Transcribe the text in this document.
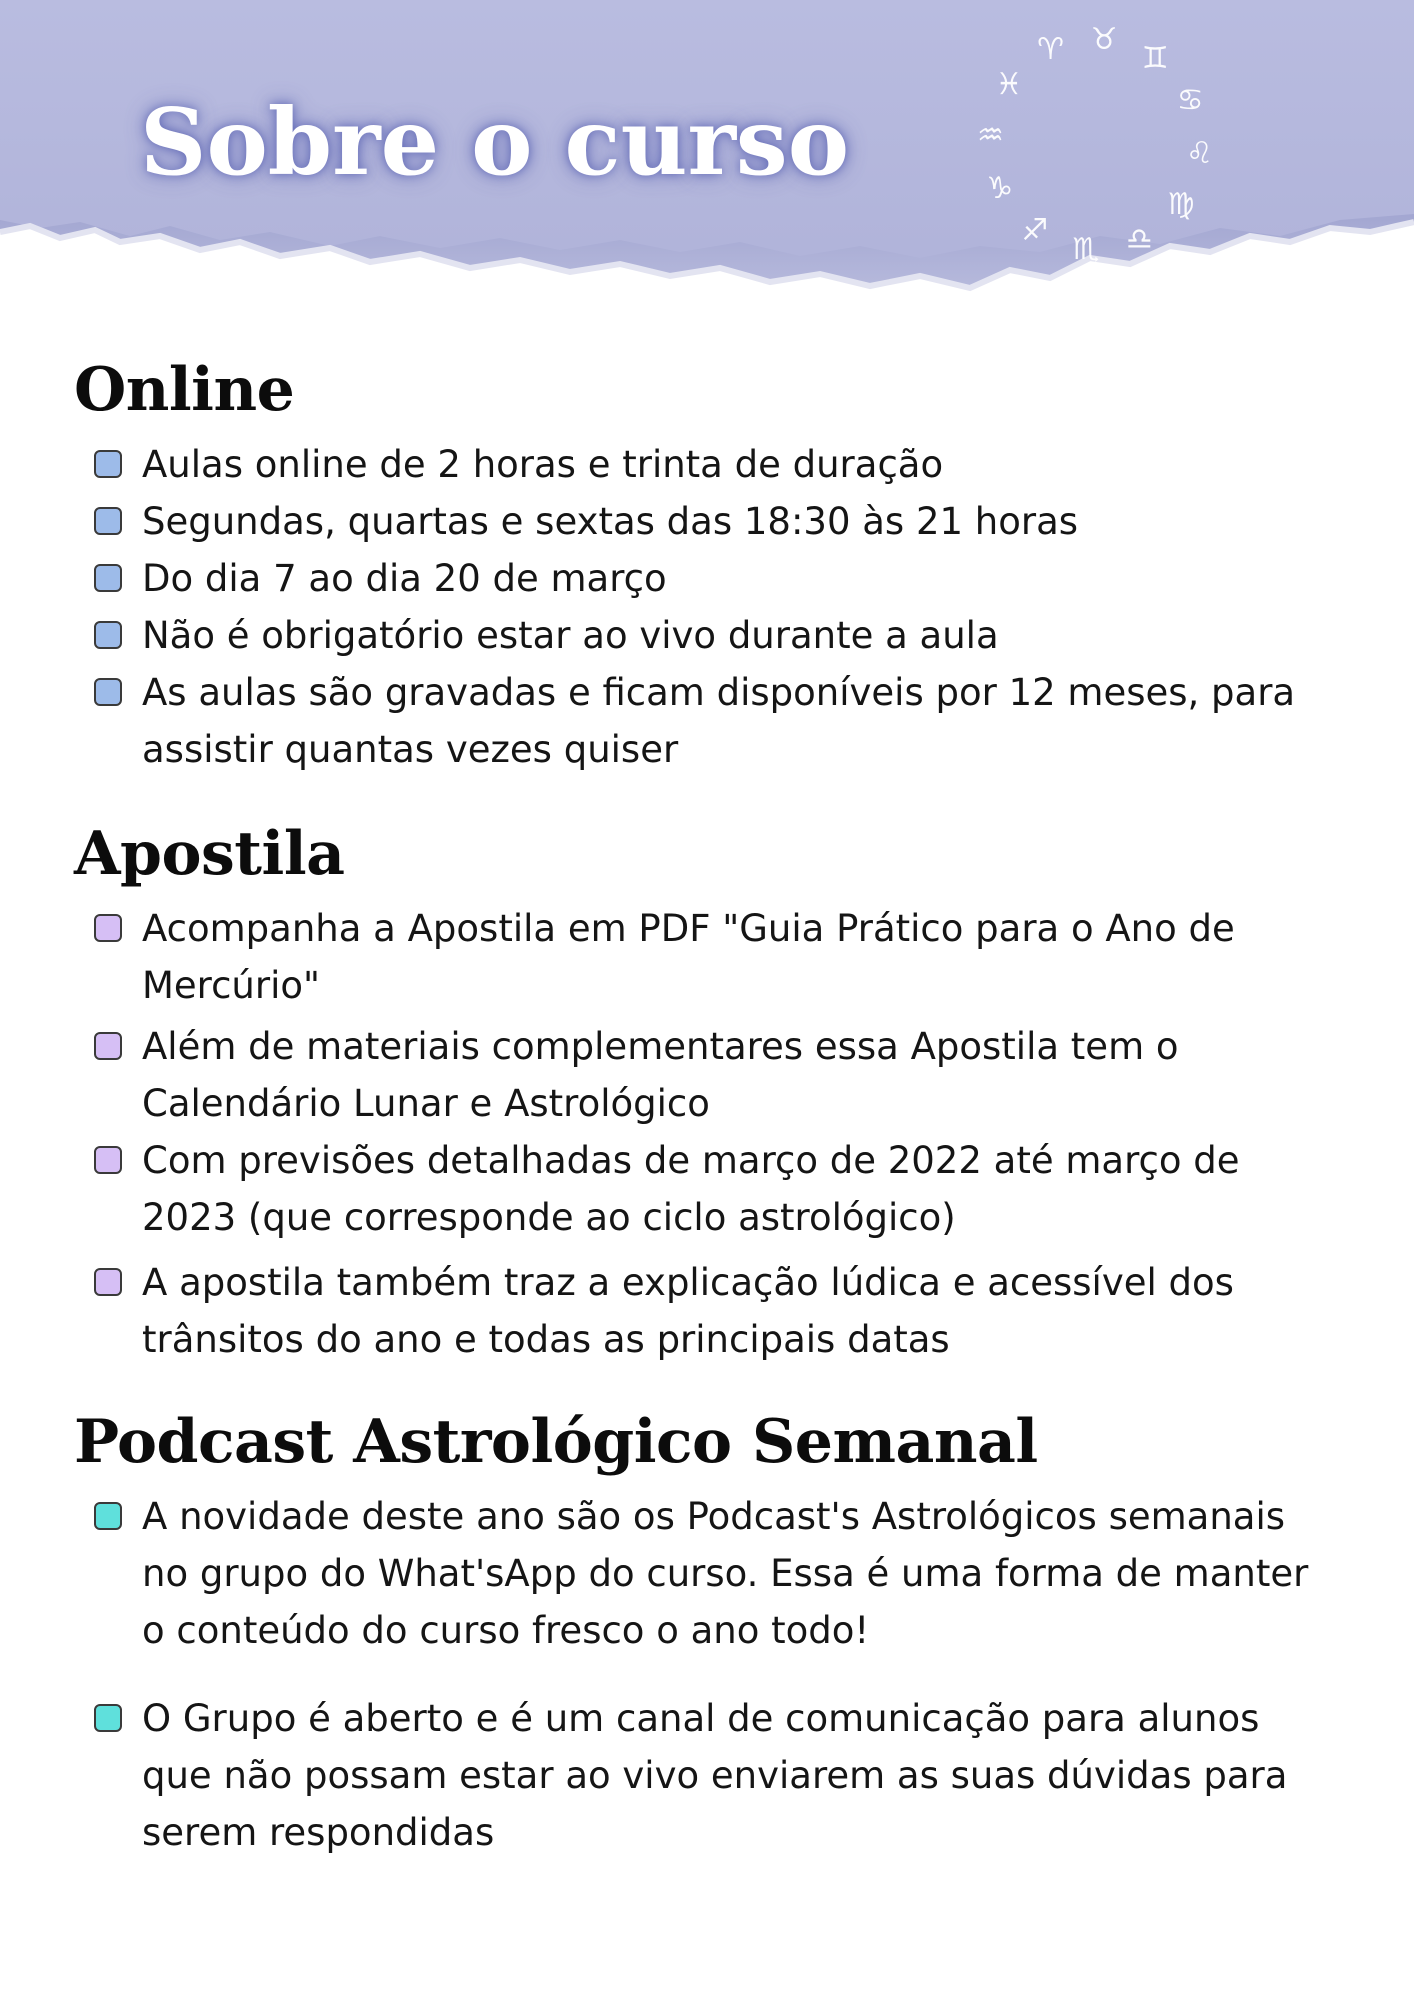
Sobre o curso
♈︎ ♉︎
♊︎
♋︎
♌︎
♍︎
♎︎
♏︎
♐︎
♑︎
♒︎
♓︎
Online
Aulas online de 2 horas e trinta de duração
Segundas, quartas e sextas das 18:30 às 21 horas
Do dia 7 ao dia 20 de março
Não é obrigatório estar ao vivo durante a aula
As aulas são gravadas e ficam disponíveis por 12 meses, para assistir quantas vezes quiser
Apostila
Acompanha a Apostila em PDF "Guia Prático para o Ano de Mercúrio"
Além de materiais complementares essa Apostila tem o Calendário Lunar e Astrológico
Com previsões detalhadas de março de 2022 até março de 2023 (que corresponde ao ciclo astrológico)
A apostila também traz a explicação lúdica e acessível dos trânsitos do ano e todas as principais datas
Podcast Astrológico Semanal
A novidade deste ano são os Podcast's Astrológicos semanais no grupo do What'sApp do curso. Essa é uma forma de manter o conteúdo do curso fresco o ano todo!
O Grupo é aberto e é um canal de comunicação para alunos que não possam estar ao vivo enviarem as suas dúvidas para serem respondidas
